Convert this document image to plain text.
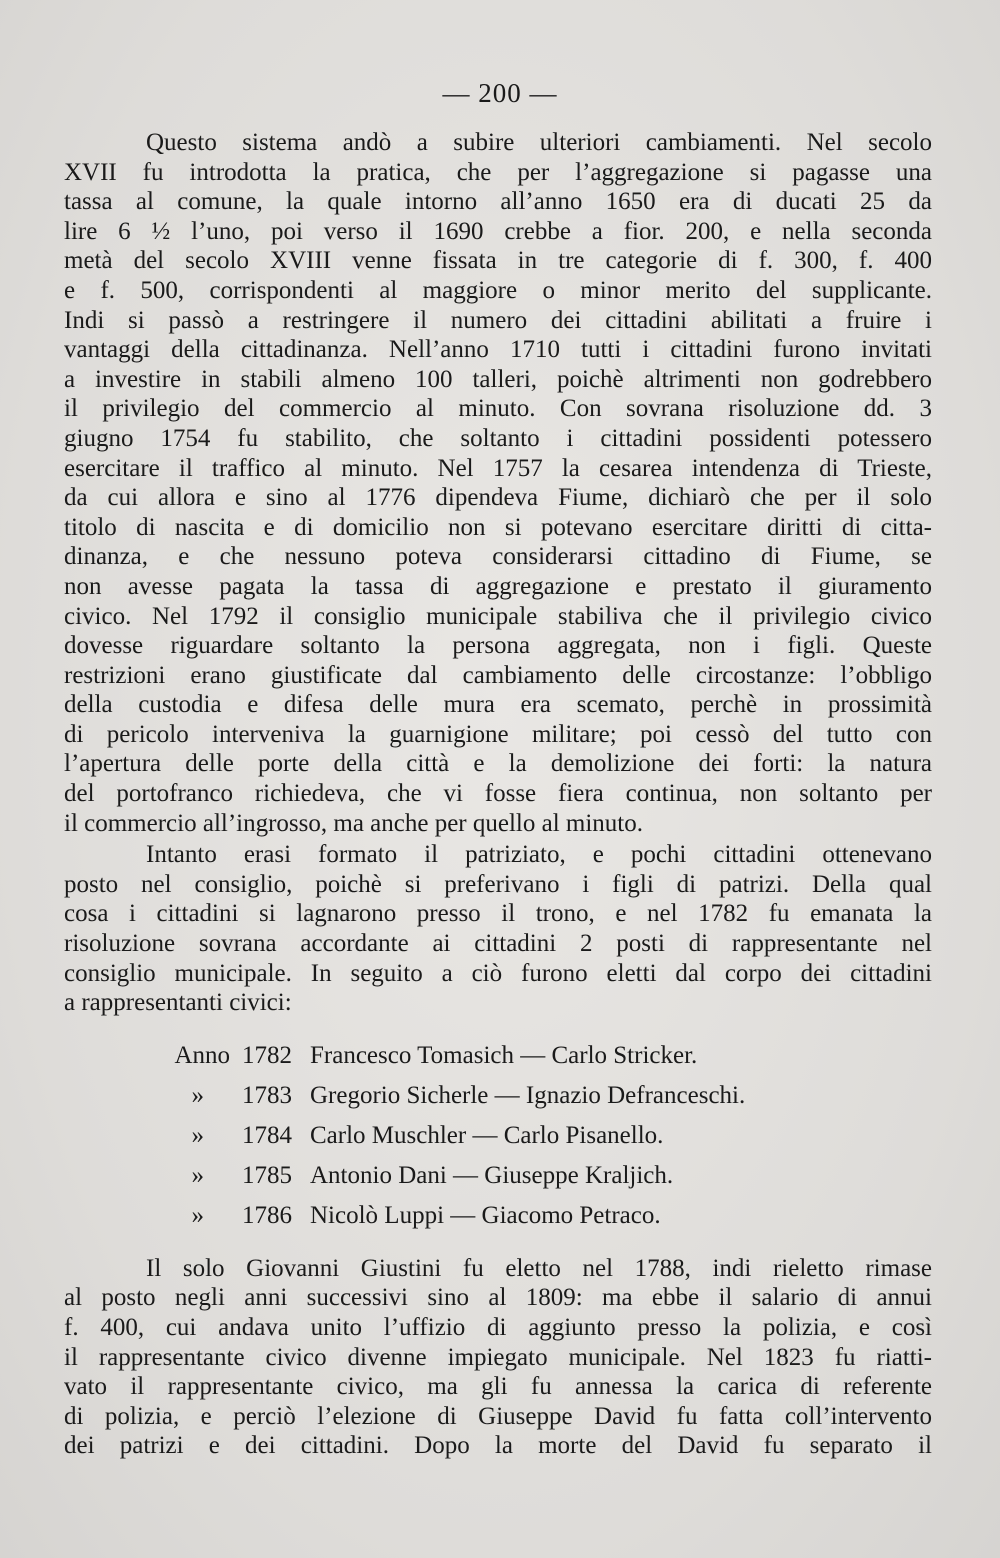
— 200 —
Questo sistema andò a subire ulteriori cambiamenti. Nel secolo
XVII fu introdotta la pratica, che per l’aggregazione si pagasse una
tassa al comune, la quale intorno all’anno 1650 era di ducati 25 da
lire 6 ½ l’uno, poi verso il 1690 crebbe a fior. 200, e nella seconda
metà del secolo XVIII venne fissata in tre categorie di f. 300, f. 400
e f. 500, corrispondenti al maggiore o minor merito del supplicante.
Indi si passò a restringere il numero dei cittadini abilitati a fruire i
vantaggi della cittadinanza. Nell’anno 1710 tutti i cittadini furono invitati
a investire in stabili almeno 100 talleri, poichè altrimenti non godrebbero
il privilegio del commercio al minuto. Con sovrana risoluzione dd. 3
giugno 1754 fu stabilito, che soltanto i cittadini possidenti potessero
esercitare il traffico al minuto. Nel 1757 la cesarea intendenza di Trieste,
da cui allora e sino al 1776 dipendeva Fiume, dichiarò che per il solo
titolo di nascita e di domicilio non si potevano esercitare diritti di citta-
dinanza, e che nessuno poteva considerarsi cittadino di Fiume, se
non avesse pagata la tassa di aggregazione e prestato il giuramento
civico. Nel 1792 il consiglio municipale stabiliva che il privilegio civico
dovesse riguardare soltanto la persona aggregata, non i figli. Queste
restrizioni erano giustificate dal cambiamento delle circostanze: l’obbligo
della custodia e difesa delle mura era scemato, perchè in prossimità
di pericolo interveniva la guarnigione militare; poi cessò del tutto con
l’apertura delle porte della città e la demolizione dei forti: la natura
del portofranco richiedeva, che vi fosse fiera continua, non soltanto per
il commercio all’ingrosso, ma anche per quello al minuto.
Intanto erasi formato il patriziato, e pochi cittadini ottenevano
posto nel consiglio, poichè si preferivano i figli di patrizi. Della qual
cosa i cittadini si lagnarono presso il trono, e nel 1782 fu emanata la
risoluzione sovrana accordante ai cittadini 2 posti di rappresentante nel
consiglio municipale. In seguito a ciò furono eletti dal corpo dei cittadini
a rappresentanti civici:
Anno 1782 Francesco Tomasich — Carlo Stricker.
» 1783 Gregorio Sicherle — Ignazio Defranceschi.
» 1784 Carlo Muschler — Carlo Pisanello.
» 1785 Antonio Dani — Giuseppe Kraljich.
» 1786 Nicolò Luppi — Giacomo Petraco.
Il solo Giovanni Giustini fu eletto nel 1788, indi rieletto rimase
al posto negli anni successivi sino al 1809: ma ebbe il salario di annui
f. 400, cui andava unito l’uffizio di aggiunto presso la polizia, e così
il rappresentante civico divenne impiegato municipale. Nel 1823 fu riatti-
vato il rappresentante civico, ma gli fu annessa la carica di referente
di polizia, e perciò l’elezione di Giuseppe David fu fatta coll’intervento
dei patrizi e dei cittadini. Dopo la morte del David fu separato il
